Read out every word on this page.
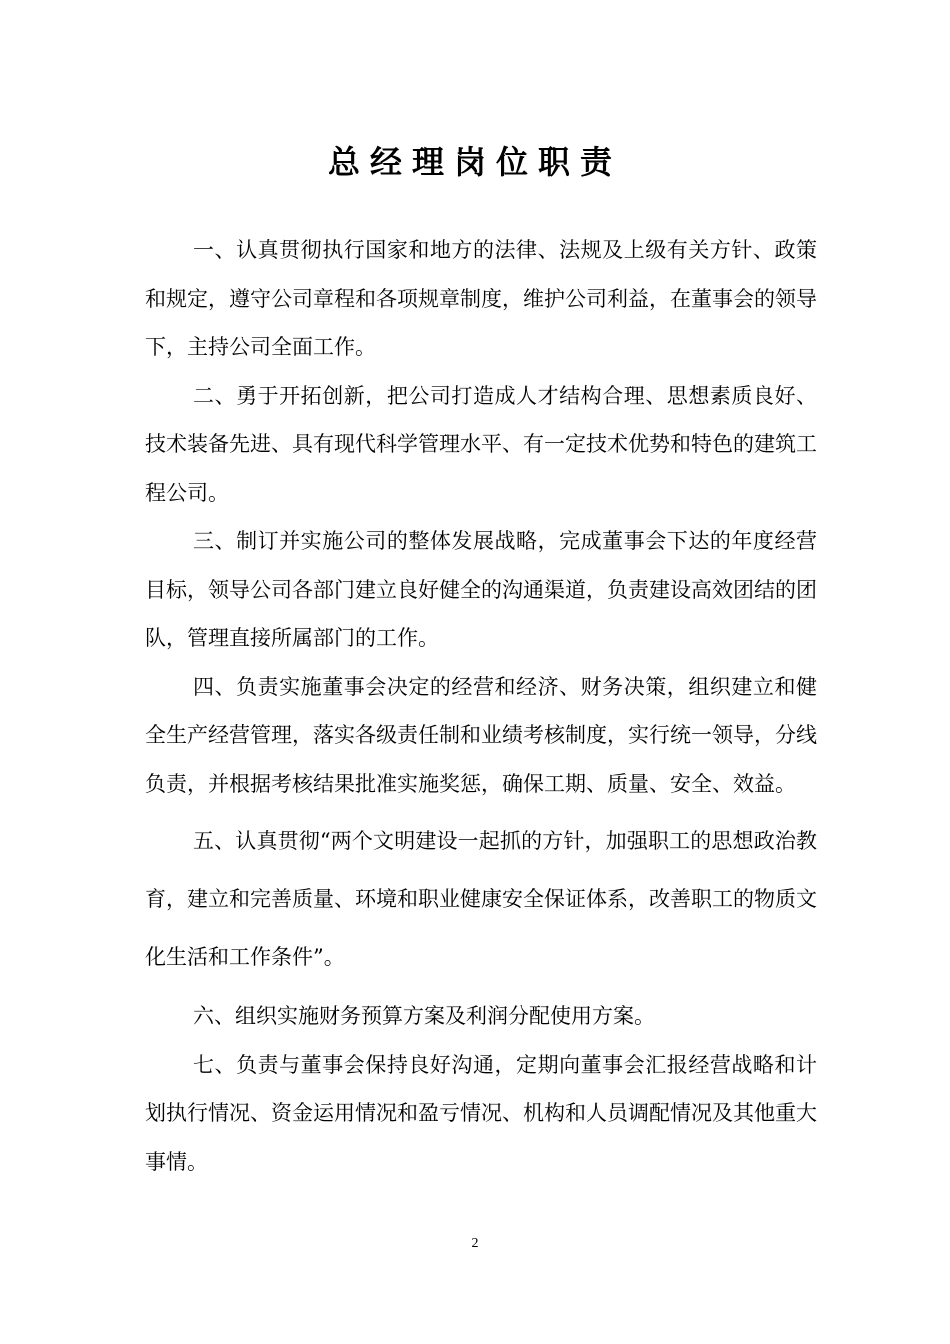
总经理岗位职责

一、认真贯彻执行国家和地方的法律、法规及上级有关方针、政策和规定，遵守公司章程和各项规章制度，维护公司利益，在董事会的领导下，主持公司全面工作。

二、勇于开拓创新，把公司打造成人才结构合理、思想素质良好、技术装备先进、具有现代科学管理水平、有一定技术优势和特色的建筑工程公司。

三、制订并实施公司的整体发展战略，完成董事会下达的年度经营目标，领导公司各部门建立良好健全的沟通渠道，负责建设高效团结的团队，管理直接所属部门的工作。

四、负责实施董事会决定的经营和经济、财务决策，组织建立和健全生产经营管理，落实各级责任制和业绩考核制度，实行统一领导，分线负责，并根据考核结果批准实施奖惩，确保工期、质量、安全、效益。

五、认真贯彻“两个文明建设一起抓的方针，加强职工的思想政治教育，建立和完善质量、环境和职业健康安全保证体系，改善职工的物质文化生活和工作条件”。

六、组织实施财务预算方案及利润分配使用方案。

七、负责与董事会保持良好沟通，定期向董事会汇报经营战略和计划执行情况、资金运用情况和盈亏情况、机构和人员调配情况及其他重大事情。

2
